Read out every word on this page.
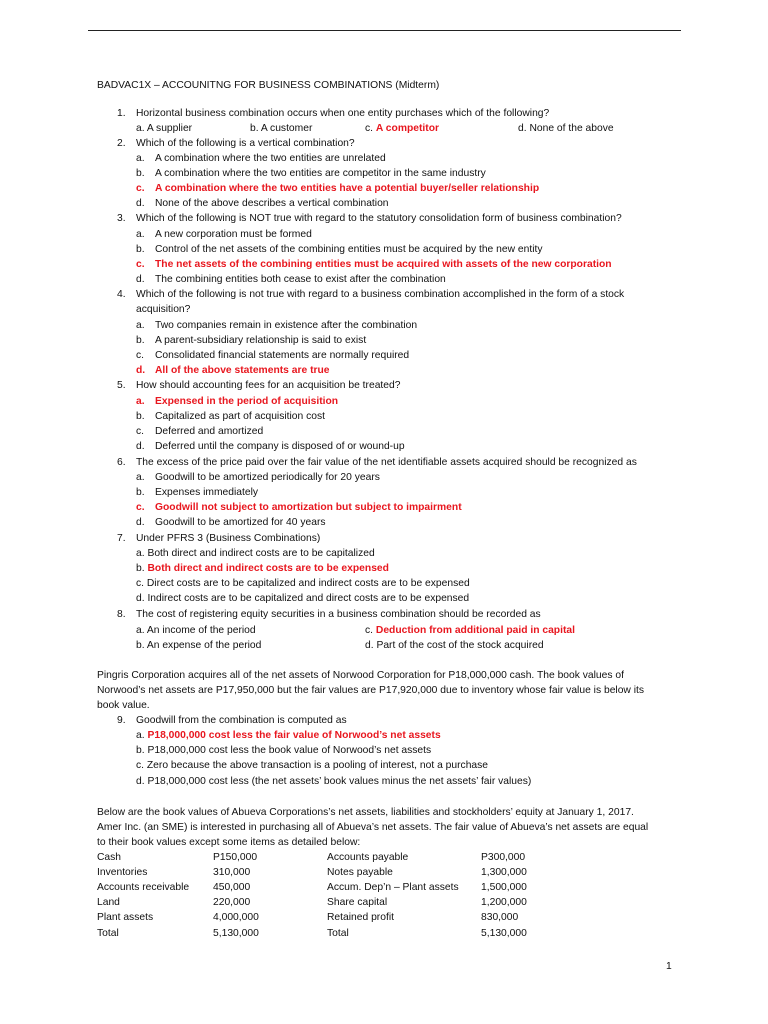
BADVAC1X – ACCOUNITNG FOR BUSINESS COMBINATIONS (Midterm)
1. Horizontal business combination occurs when one entity purchases which of the following?
a. A supplier	b. A customer	c. A competitor	d. None of the above
2. Which of the following is a vertical combination?
a. A combination where the two entities are unrelated
b. A combination where the two entities are competitor in the same industry
c. A combination where the two entities have a potential buyer/seller relationship
d. None of the above describes a vertical combination
3. Which of the following is NOT true with regard to the statutory consolidation form of business combination?
a. A new corporation must be formed
b. Control of the net assets of the combining entities must be acquired by the new entity
c. The net assets of the combining entities must be acquired with assets of the new corporation
d. The combining entities both cease to exist after the combination
4. Which of the following is not true with regard to a business combination accomplished in the form of a stock
acquisition?
a. Two companies remain in existence after the combination
b. A parent-subsidiary relationship is said to exist
c. Consolidated financial statements are normally required
d. All of the above statements are true
5. How should accounting fees for an acquisition be treated?
a. Expensed in the period of acquisition
b. Capitalized as part of acquisition cost
c. Deferred and amortized
d. Deferred until the company is disposed of or wound-up
6. The excess of the price paid over the fair value of the net identifiable assets acquired should be recognized as
a. Goodwill to be amortized periodically for 20 years
b. Expenses immediately
c. Goodwill not subject to amortization but subject to impairment
d. Goodwill to be amortized for 40 years
7. Under PFRS 3 (Business Combinations)
a. Both direct and indirect costs are to be capitalized
b. Both direct and indirect costs are to be expensed
c. Direct costs are to be capitalized and indirect costs are to be expensed
d. Indirect costs are to be capitalized and direct costs are to be expensed
8. The cost of registering equity securities in a business combination should be recorded as
a. An income of the period	c. Deduction from additional paid in capital
b. An expense of the period	d. Part of the cost of the stock acquired
Pingris Corporation acquires all of the net assets of Norwood Corporation for P18,000,000 cash. The book values of
Norwood’s net assets are P17,950,000 but the fair values are P17,920,000 due to inventory whose fair value is below its
book value.
9. Goodwill from the combination is computed as
a. P18,000,000 cost less the fair value of Norwood’s net assets
b. P18,000,000 cost less the book value of Norwood’s net assets
c. Zero because the above transaction is a pooling of interest, not a purchase
d. P18,000,000 cost less (the net assets’ book values minus the net assets’ fair values)
Below are the book values of Abueva Corporations’s net assets, liabilities and stockholders’ equity at January 1, 2017.
Amer Inc. (an SME) is interested in purchasing all of Abueva’s net assets. The fair value of Abueva’s net assets are equal
to their book values except some items as detailed below:
Cash	P150,000	Accounts payable	P300,000
Inventories	310,000	Notes payable	1,300,000
Accounts receivable 450,000	Accum. Dep’n – Plant assets 1,500,000
Land	220,000	Share capital	1,200,000
Plant assets	4,000,000	Retained profit	830,000
Total	5,130,000	Total	5,130,000
1
